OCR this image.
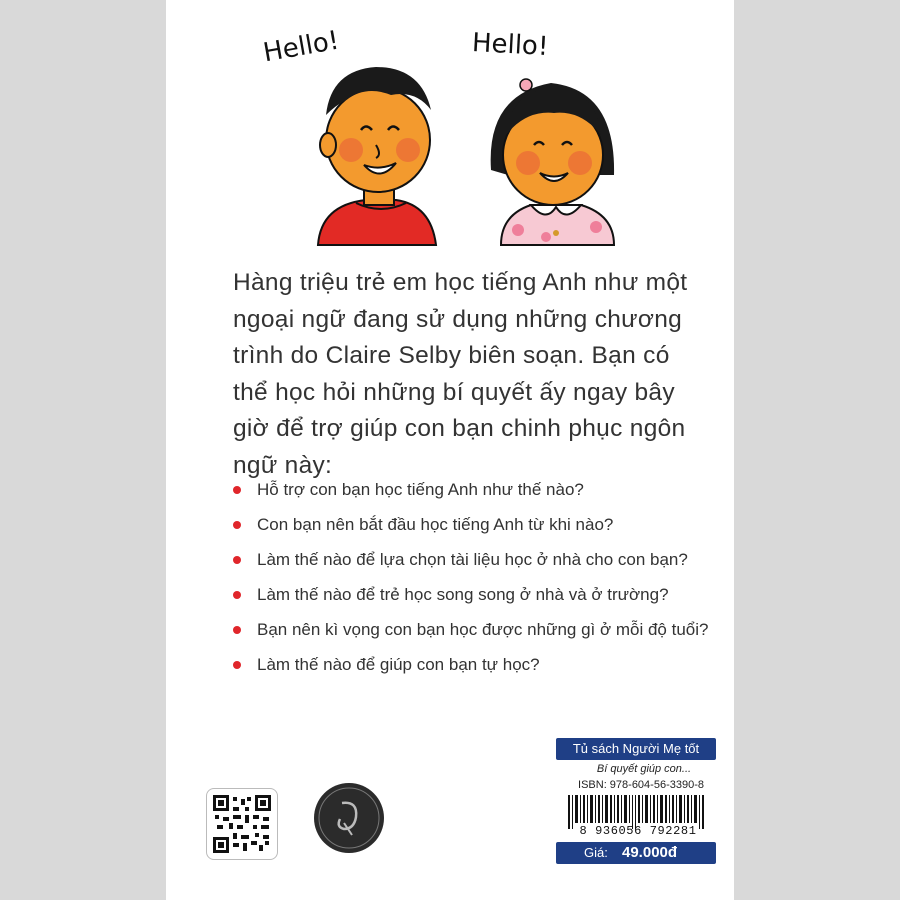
Hello!	Hello!
Hàng triệu trẻ em học tiếng Anh như một ngoại ngữ đang sử dụng những chương trình do Claire Selby biên soạn. Bạn có thể học hỏi những bí quyết ấy ngay bây giờ để trợ giúp con bạn chinh phục ngôn ngữ này:
Hỗ trợ con bạn học tiếng Anh như thế nào?
Con bạn nên bắt đầu học tiếng Anh từ khi nào?
Làm thế nào để lựa chọn tài liệu học ở nhà cho con bạn?
Làm thế nào để trẻ học song song ở nhà và ở trường?
Bạn nên kì vọng con bạn học được những gì ở mỗi độ tuổi?
Làm thế nào để giúp con bạn tự học?
Tủ sách Người Mẹ tốt
Bí quyết giúp con...
ISBN: 978-604-56-3390-8
8 936056 792281
Giá: 49.000đ
